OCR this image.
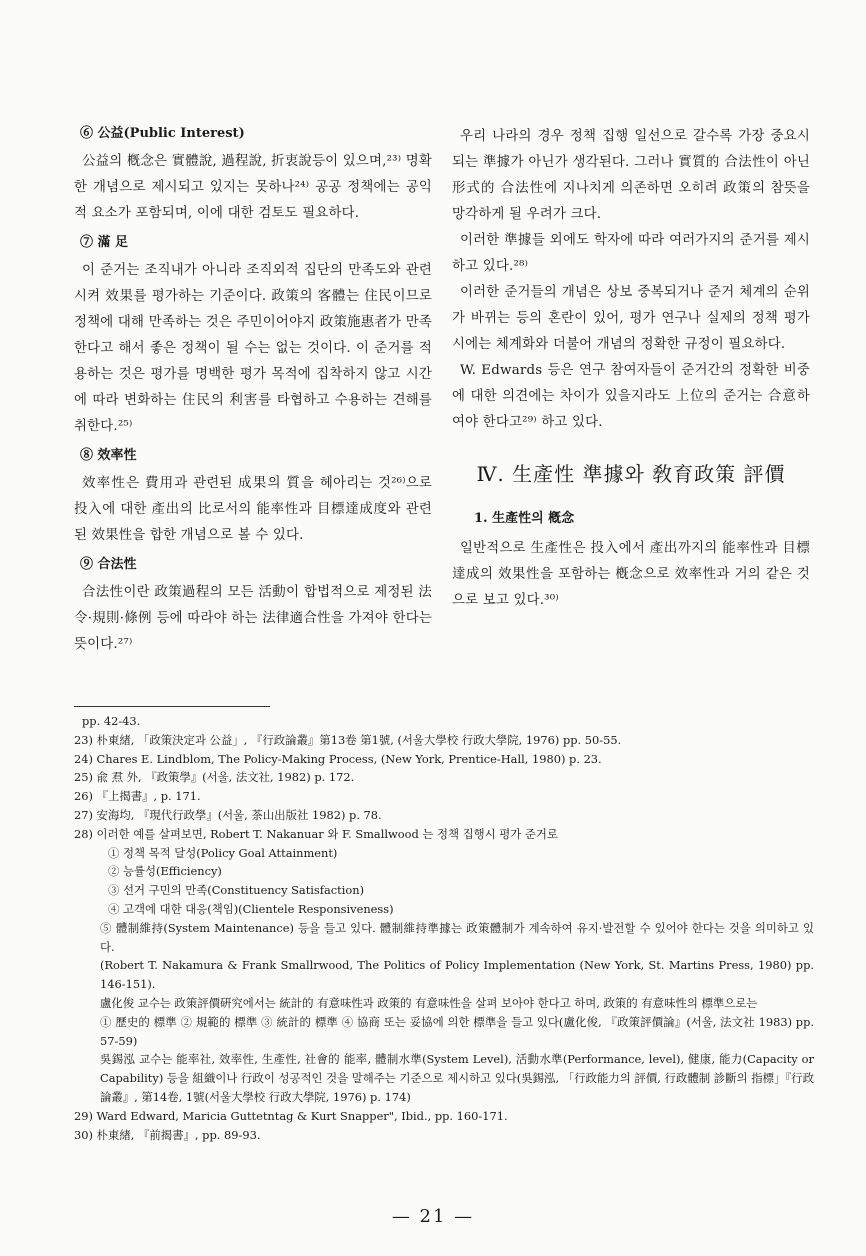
⑥ 公益(Public Interest)

公益의 槪念은 實體說, 過程說, 折衷說등이 있으며,²³⁾ 명확한 개념으로 제시되고 있지는 못하나²⁴⁾ 공공 정책에는 공익적 요소가 포함되며, 이에 대한 검토도 필요하다.

⑦ 滿 足

이 준거는 조직내가 아니라 조직외적 집단의 만족도와 관련시켜 效果를 평가하는 기준이다. 政策의 客體는 住民이므로 정책에 대해 만족하는 것은 주민이어야지 政策施惠者가 만족한다고 해서 좋은 정책이 될 수는 없는 것이다. 이 준거를 적용하는 것은 평가를 명백한 평가 목적에 집착하지 않고 시간에 따라 변화하는 住民의 利害를 타협하고 수용하는 견해를 취한다.²⁵⁾

⑧ 效率性

效率性은 費用과 관련된 成果의 質을 헤아리는 것²⁶⁾으로 投入에 대한 產出의 比로서의 能率性과 目標達成度와 관련된 效果性을 합한 개념으로 볼 수 있다.

⑨ 合法性

合法性이란 政策過程의 모든 活動이 합법적으로 제정된 法令·規則·條例 등에 따라야 하는 法律適合性을 가져야 한다는 뜻이다.²⁷⁾

우리 나라의 경우 정책 집행 일선으로 갈수록 가장 중요시되는 準據가 아닌가 생각된다. 그러나 實質的 合法性이 아닌 形式的 合法性에 지나치게 의존하면 오히려 政策의 참뜻을 망각하게 될 우려가 크다.

이러한 準據들 외에도 학자에 따라 여러가지의 준거를 제시하고 있다.²⁸⁾

이러한 준거들의 개념은 상보 중복되거나 준거 체계의 순위가 바뀌는 등의 혼란이 있어, 평가 연구나 실제의 정책 평가시에는 체계화와 더불어 개념의 정확한 규정이 필요하다.

W. Edwards 등은 연구 참여자들이 준거간의 정확한 비중에 대한 의견에는 차이가 있을지라도 上位의 준거는 合意하여야 한다고²⁹⁾ 하고 있다.

Ⅳ. 生產性 準據와 敎育政策 評價
1. 生產性의 槪念

일반적으로 生產性은 投入에서 產出까지의 能率性과 目標達成의 效果性을 포함하는 槪念으로 效率性과 거의 같은 것으로 보고 있다.³⁰⁾

pp. 42-43.
23) 朴東緖, 「政策決定과 公益」, 『行政論叢』第13卷 第1號, (서울大學校 行政大學院, 1976) pp. 50-55.
24) Chares E. Lindblom, The Policy-Making Process, (New York, Prentice-Hall, 1980) p. 23.
25) 兪 焄 外, 『政策學』(서울, 法文社, 1982) p. 172.
26) 『上揭書』, p. 171.
27) 安海均, 『現代行政學』(서울, 茶山出版社 1982) p. 78.
28) 이러한 예를 살펴보면, Robert T. Nakanuar 와 F. Smallwood 는 정책 집행시 평가 준거로
① 정책 목적 달성(Policy Goal Attainment)
② 능률성(Efficiency)
③ 선거 구민의 만족(Constituency Satisfaction)
④ 고객에 대한 대응(책임)(Clientele Responsiveness)
⑤ 體制維持(System Maintenance) 등을 들고 있다. 體制維持準據는 政策體制가 계속하여 유지·발전할 수 있어야 한다는 것을 의미하고 있다.
(Robert T. Nakamura & Frank Smallrwood, The Politics of Policy Implementation (New York, St. Martins Press, 1980) pp. 146-151).
盧化俊 교수는 政策評價硏究에서는 統計的 有意味性과 政策的 有意味性을 살펴 보아야 한다고 하며, 政策的 有意味性의 標準으로는
① 歷史的 標準 ② 規範的 標準 ③ 統計的 標準 ④ 協商 또는 妥協에 의한 標準을 들고 있다(盧化俊, 『政策評價論』(서울, 法文社 1983) pp. 57-59)
吳錫泓 교수는 能率社, 效率性, 生產性, 社會的 能率, 體制水準(System Level), 活動水準(Performance, level), 健康, 能力(Capacity or Capability) 등을 組織이나 行政이 성공적인 것을 말해주는 기준으로 제시하고 있다(吳錫泓, 「行政能力의 評價, 行政體制 診斷의 指標」『行政論叢』, 第14卷, 1號(서울大學校 行政大學院, 1976) p. 174)
29) Ward Edward, Maricia Guttetntag & Kurt Snapper", Ibid., pp. 160-171.
30) 朴東緖, 『前揭書』, pp. 89-93.
— 21 —
